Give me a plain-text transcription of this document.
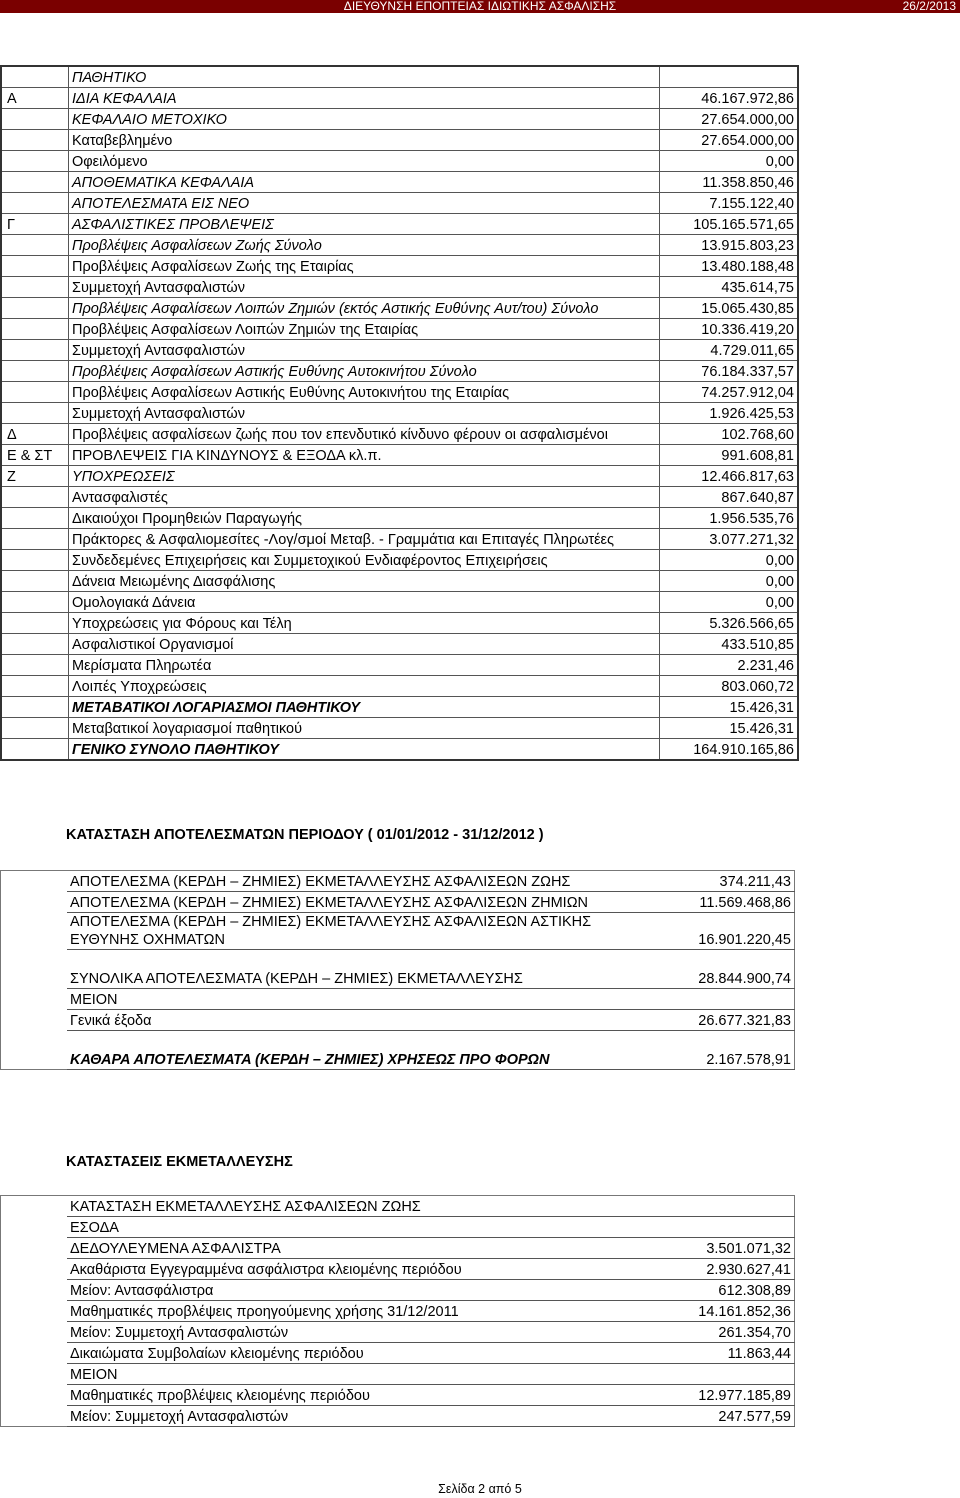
ΔΙΕΥΘΥΝΣΗ ΕΠΟΠΤΕΙΑΣ ΙΔΙΩΤΙΚΗΣ ΑΣΦΑΛΙΣΗΣ	26/2/2013
	ΠΑΘΗΤΙΚΟ	
Α	ΙΔΙΑ ΚΕΦΑΛΑΙΑ	46.167.972,86
	ΚΕΦΑΛΑΙΟ ΜΕΤΟΧΙΚΟ	27.654.000,00
	Καταβεβλημένο	27.654.000,00
	Οφειλόμενο	0,00
	ΑΠΟΘΕΜΑΤΙΚΑ ΚΕΦΑΛΑΙΑ	11.358.850,46
	ΑΠΟΤΕΛΕΣΜΑΤΑ ΕΙΣ ΝΕΟ	7.155.122,40
Γ	ΑΣΦΑΛΙΣΤΙΚΕΣ ΠΡΟΒΛΕΨΕΙΣ	105.165.571,65
	Προβλέψεις Ασφαλίσεων Ζωής Σύνολο	13.915.803,23
	Προβλέψεις Ασφαλίσεων Ζωής της Εταιρίας	13.480.188,48
	Συμμετοχή Αντασφαλιστών	435.614,75
	Προβλέψεις Ασφαλίσεων Λοιπών Ζημιών (εκτός Αστικής Ευθύνης Αυτ/του) Σύνολο	15.065.430,85
	Προβλέψεις Ασφαλίσεων Λοιπών Ζημιών της Εταιρίας	10.336.419,20
	Συμμετοχή Αντασφαλιστών	4.729.011,65
	Προβλέψεις Ασφαλίσεων Αστικής Ευθύνης Αυτοκινήτου Σύνολο	76.184.337,57
	Προβλέψεις Ασφαλίσεων Αστικής Ευθύνης Αυτοκινήτου της Εταιρίας	74.257.912,04
	Συμμετοχή Αντασφαλιστών	1.926.425,53
Δ	Προβλέψεις ασφαλίσεων ζωής που τον επενδυτικό κίνδυνο φέρουν οι ασφαλισμένοι	102.768,60
Ε & ΣΤ	ΠΡΟΒΛΕΨΕΙΣ ΓΙΑ ΚΙΝΔΥΝΟΥΣ & ΕΞΟΔΑ κλ.π.	991.608,81
Ζ	ΥΠΟΧΡΕΩΣΕΙΣ	12.466.817,63
	Αντασφαλιστές	867.640,87
	Δικαιούχοι Προμηθειών Παραγωγής	1.956.535,76
	Πράκτορες & Ασφαλιομεσίτες -Λογ/σμοί Μεταβ. - Γραμμάτια και Επιταγές Πληρωτέες	3.077.271,32
	Συνδεδεμένες Επιχειρήσεις και Συμμετοχικού Ενδιαφέροντος Επιχειρήσεις	0,00
	Δάνεια Μειωμένης Διασφάλισης	0,00
	Ομολογιακά Δάνεια	0,00
	Υποχρεώσεις για Φόρους και Τέλη	5.326.566,65
	Ασφαλιστικοί Οργανισμοί	433.510,85
	Μερίσματα Πληρωτέα	2.231,46
	Λοιπές Υποχρεώσεις	803.060,72
	ΜΕΤΑΒΑΤΙΚΟΙ ΛΟΓΑΡΙΑΣΜΟΙ ΠΑΘΗΤΙΚΟΥ	15.426,31
	Μεταβατικοί λογαριασμοί παθητικού	15.426,31
	ΓΕΝΙΚΟ ΣΥΝΟΛΟ ΠΑΘΗΤΙΚΟΥ	164.910.165,86
ΚΑΤΑΣΤΑΣΗ ΑΠΟΤΕΛΕΣΜΑΤΩΝ ΠΕΡΙΟΔΟΥ ( 01/01/2012 - 31/12/2012 )
	ΑΠΟΤΕΛΕΣΜΑ (ΚΕΡΔΗ – ΖΗΜΙΕΣ) ΕΚΜΕΤΑΛΛΕΥΣΗΣ ΑΣΦΑΛΙΣΕΩΝ ΖΩΗΣ	374.211,43
	ΑΠΟΤΕΛΕΣΜΑ (ΚΕΡΔΗ – ΖΗΜΙΕΣ) ΕΚΜΕΤΑΛΛΕΥΣΗΣ ΑΣΦΑΛΙΣΕΩΝ ΖΗΜΙΩΝ	11.569.468,86
	ΑΠΟΤΕΛΕΣΜΑ (ΚΕΡΔΗ – ΖΗΜΙΕΣ) ΕΚΜΕΤΑΛΛΕΥΣΗΣ ΑΣΦΑΛΙΣΕΩΝ ΑΣΤΙΚΗΣ ΕΥΘΥΝΗΣ ΟΧΗΜΑΤΩΝ	16.901.220,45

	ΣΥΝΟΛΙΚΑ ΑΠΟΤΕΛΕΣΜΑΤΑ (ΚΕΡΔΗ – ΖΗΜΙΕΣ) ΕΚΜΕΤΑΛΛΕΥΣΗΣ	28.844.900,74
	ΜΕΙΟΝ	
	Γενικά έξοδα	26.677.321,83

	ΚΑΘΑΡΑ ΑΠΟΤΕΛΕΣΜΑΤΑ (ΚΕΡΔΗ – ΖΗΜΙΕΣ) ΧΡΗΣΕΩΣ ΠΡΟ ΦΟΡΩΝ	2.167.578,91
ΚΑΤΑΣΤΑΣΕΙΣ ΕΚΜΕΤΑΛΛΕΥΣΗΣ
	ΚΑΤΑΣΤΑΣΗ ΕΚΜΕΤΑΛΛΕΥΣΗΣ ΑΣΦΑΛΙΣΕΩΝ ΖΩΗΣ	
	ΕΣΟΔΑ	
	ΔΕΔΟΥΛΕΥΜΕΝΑ ΑΣΦΑΛΙΣΤΡΑ	3.501.071,32
	Ακαθάριστα Εγγεγραμμένα ασφάλιστρα κλειομένης περιόδου	2.930.627,41
	Μείον: Αντασφάλιστρα	612.308,89
	Μαθηματικές προβλέψεις προηγούμενης χρήσης 31/12/2011	14.161.852,36
	Μείον: Συμμετοχή Αντασφαλιστών	261.354,70
	Δικαιώματα Συμβολαίων κλειομένης περιόδου	11.863,44
	ΜΕΙΟΝ	
	Μαθηματικές προβλέψεις κλειομένης περιόδου	12.977.185,89
	Μείον: Συμμετοχή Αντασφαλιστών	247.577,59
Σελίδα 2 από 5
